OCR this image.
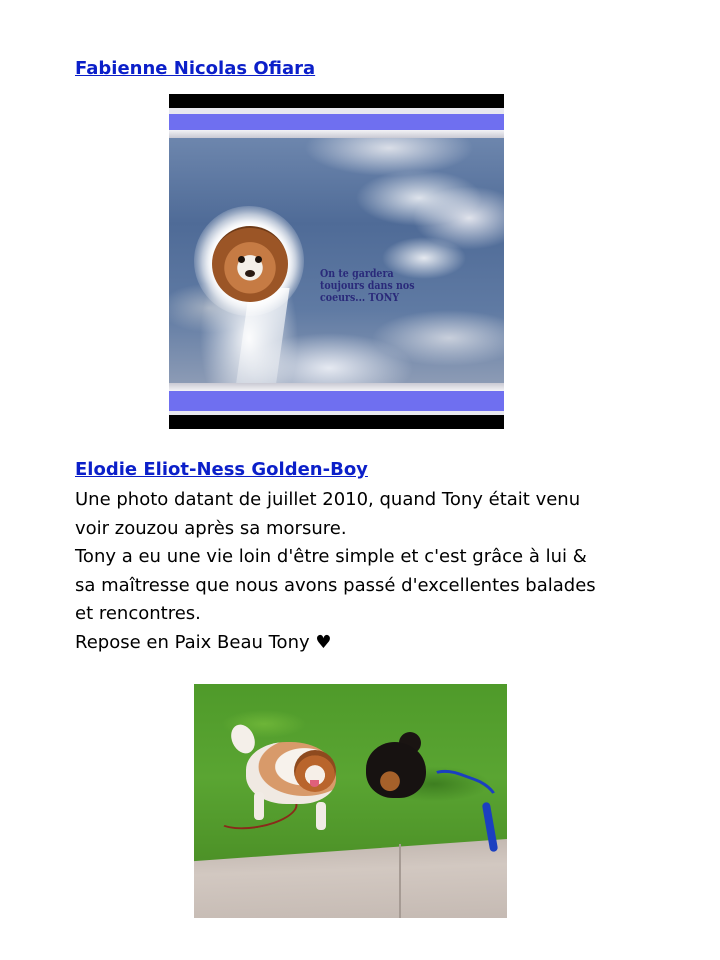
Fabienne Nicolas Ofiara
On te gardera
toujours dans nos
coeurs... TONY
Elodie Eliot-Ness Golden-Boy
Une photo datant de juillet 2010, quand Tony était venu
voir zouzou après sa morsure.
Tony a eu une vie loin d'être simple et c'est grâce à lui &
sa maîtresse que nous avons passé d'excellentes balades
et rencontres.
Repose en Paix Beau Tony ♥
